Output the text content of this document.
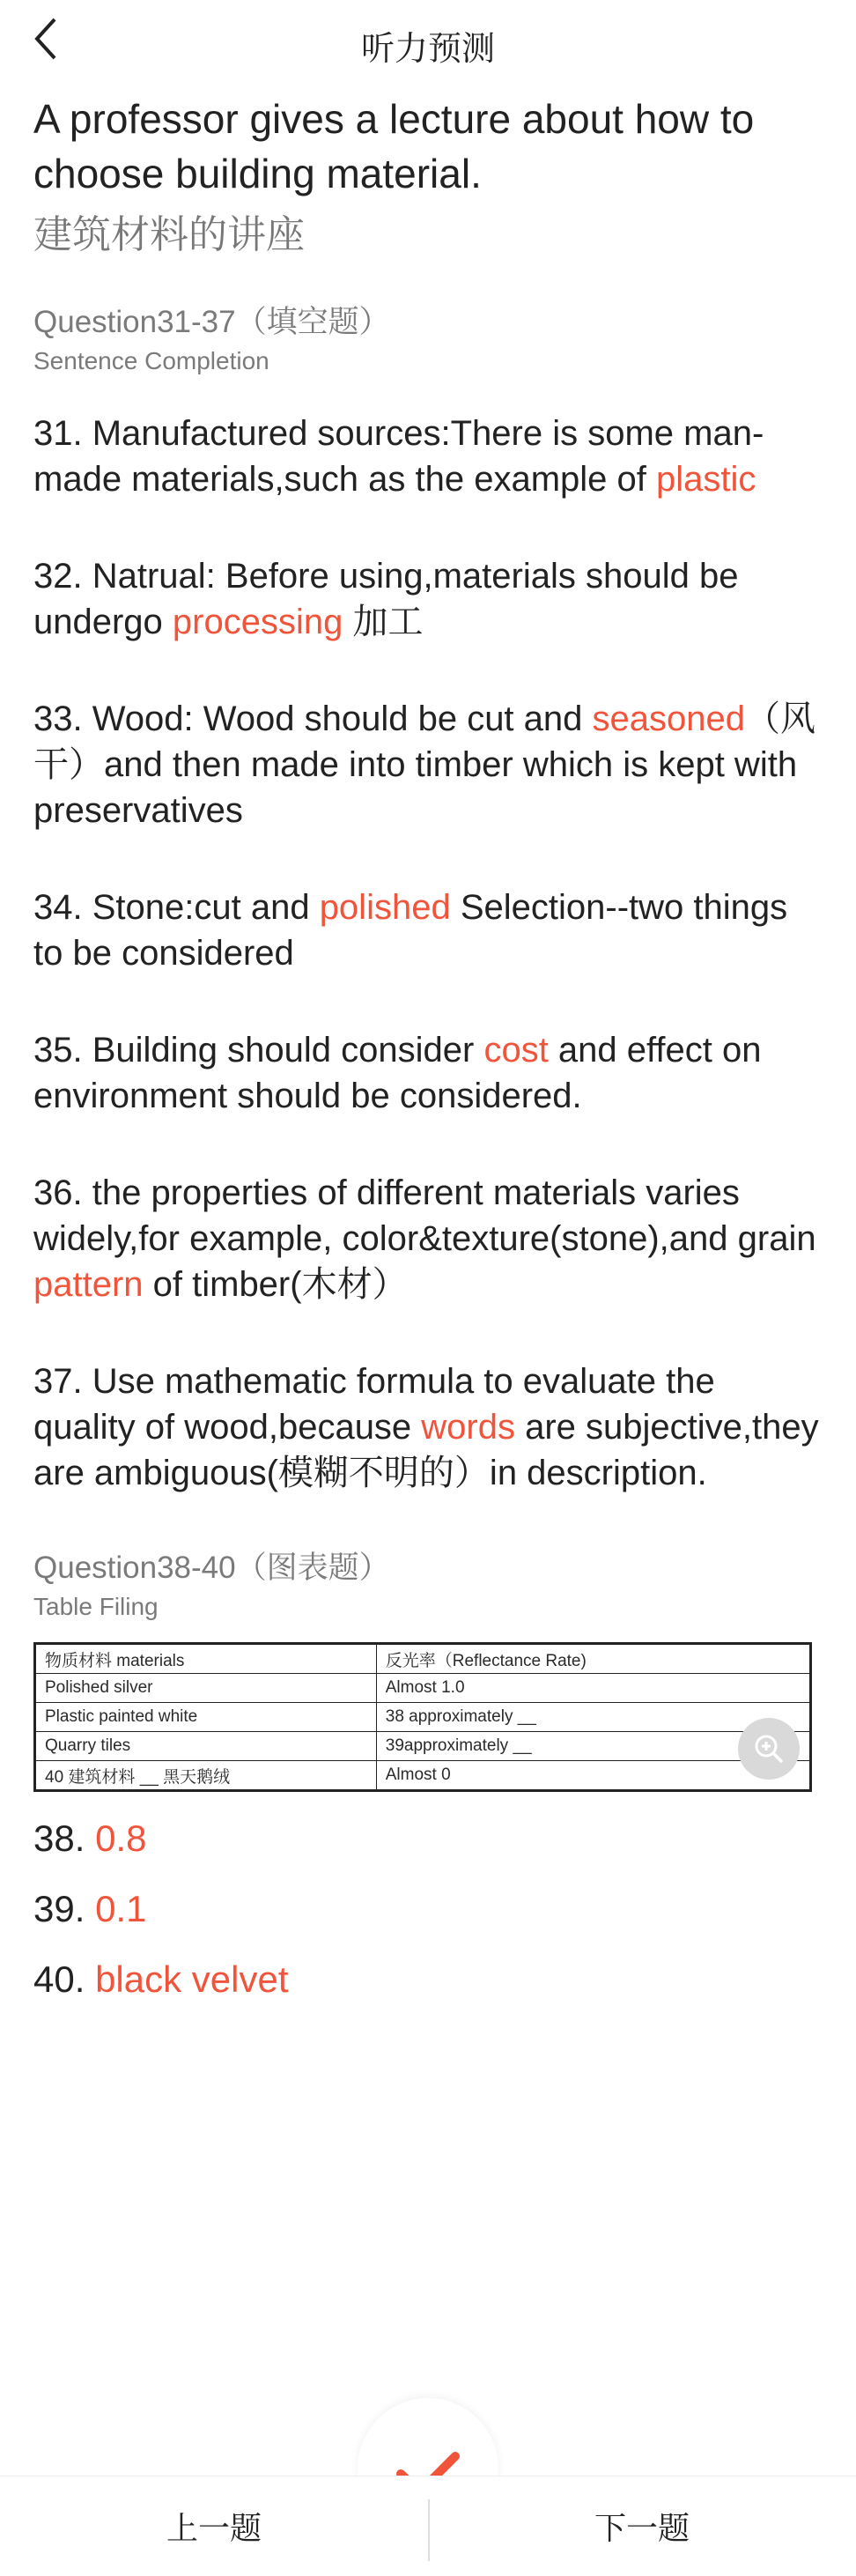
听力预测
A professor gives a lecture about how to choose building material.
建筑材料的讲座
Question31-37（填空题）
Sentence Completion
31. Manufactured sources:There is some man-made materials,such as the example of plastic
32. Natrual: Before using,materials should be undergo processing 加工
33. Wood: Wood should be cut and seasoned（风干）and then made into timber which is kept with preservatives
34. Stone:cut and polished Selection--two things to be considered
35. Building should consider cost and effect on environment should be considered.
36. the properties of different materials varies widely,for example, color&texture(stone),and grain pattern of timber(木材）
37. Use mathematic formula to evaluate the quality of wood,because words are subjective,they are ambiguous(模糊不明的）in description.
Question38-40（图表题）
Table Filing
物质材料 materials	反光率（Reflectance Rate)
Polished silver	Almost 1.0
Plastic painted white	38 approximately __
Quarry tiles	39approximately __
40 建筑材料 __ 黑天鹅绒	Almost 0
38. 0.8
39. 0.1
40. black velvet
上一题	下一题
